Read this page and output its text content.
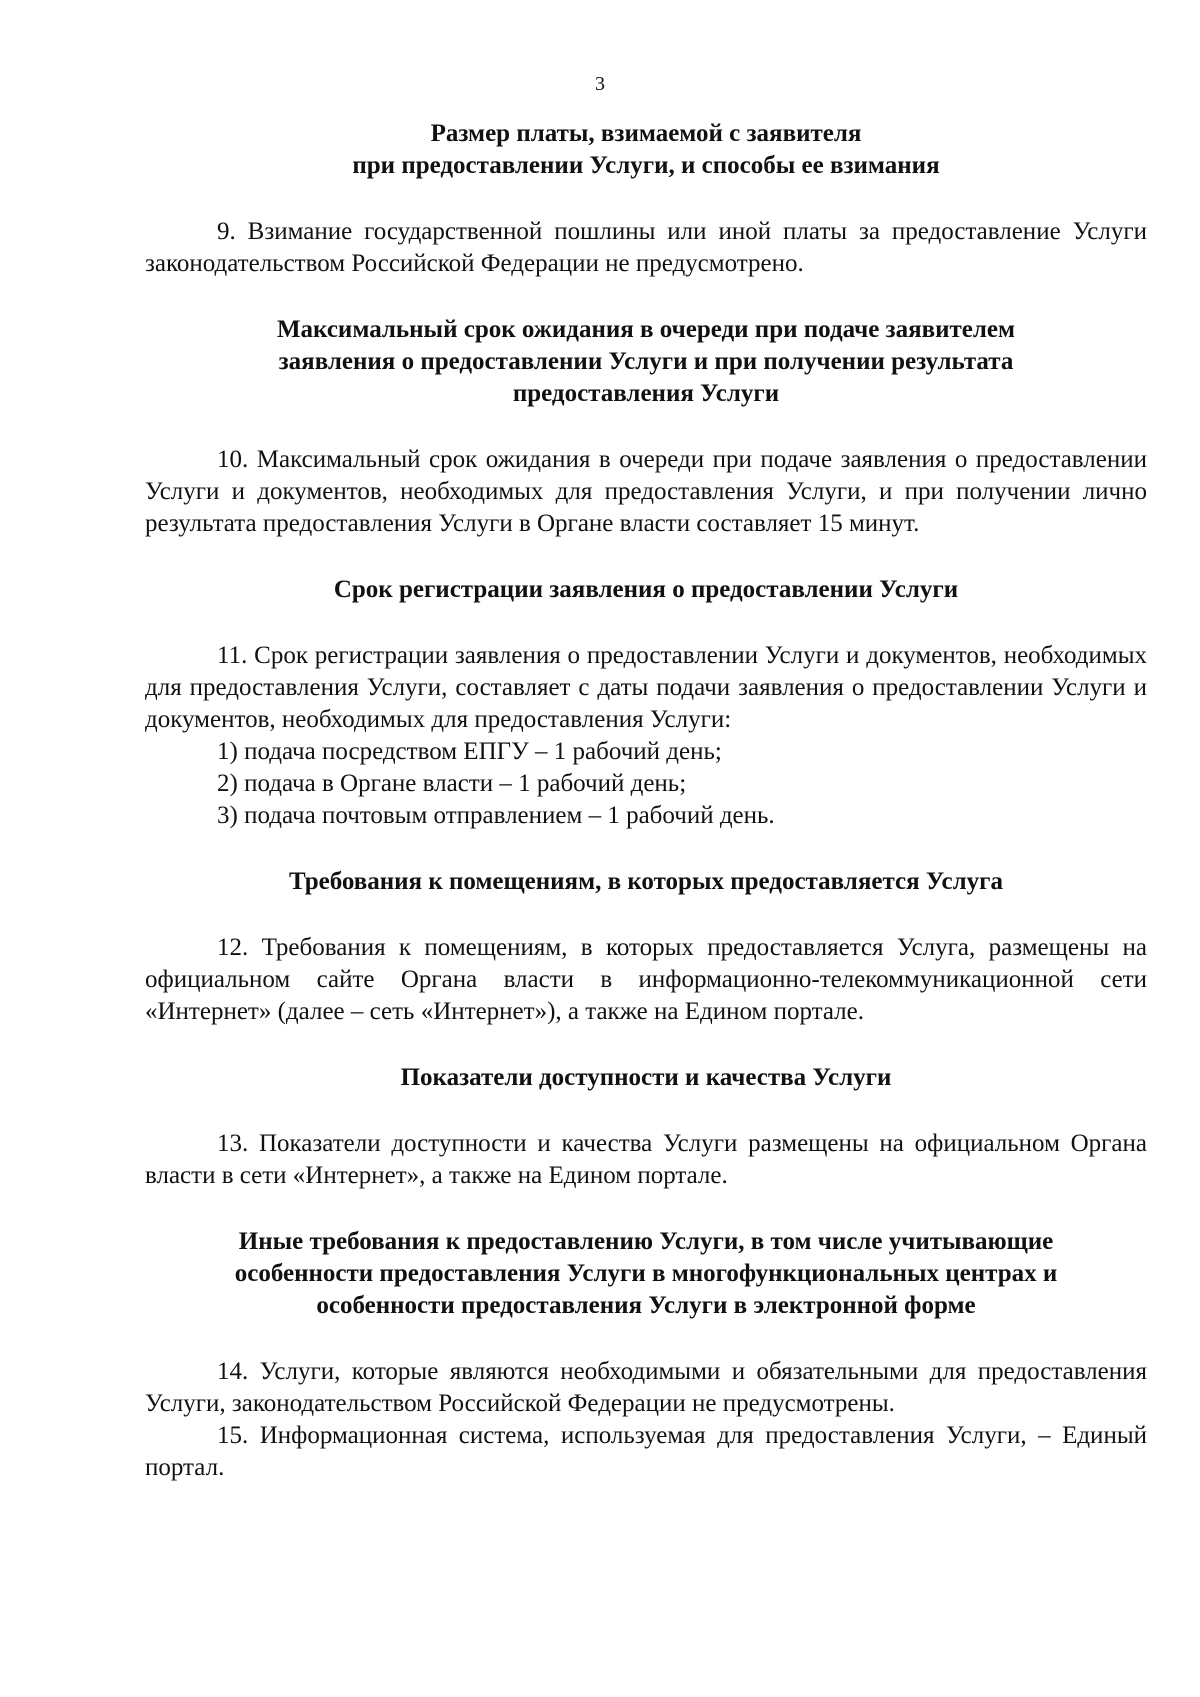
3
Размер платы, взимаемой с заявителя
при предоставлении Услуги, и способы ее взимания

9. Взимание государственной пошлины или иной платы за предоставление Услуги законодательством Российской Федерации не предусмотрено.

Максимальный срок ожидания в очереди при подаче заявителем
заявления о предоставлении Услуги и при получении результата
предоставления Услуги

10. Максимальный срок ожидания в очереди при подаче заявления о предоставлении Услуги и документов, необходимых для предоставления Услуги, и при получении лично результата предоставления Услуги в Органе власти составляет 15 минут.

Срок регистрации заявления о предоставлении Услуги

11. Срок регистрации заявления о предоставлении Услуги и документов, необходимых для предоставления Услуги, составляет с даты подачи заявления о предоставлении Услуги и документов, необходимых для предоставления Услуги:

1) подача посредством ЕПГУ – 1 рабочий день;

2) подача в Органе власти – 1 рабочий день;

3) подача почтовым отправлением – 1 рабочий день.

Требования к помещениям, в которых предоставляется Услуга

12. Требования к помещениям, в которых предоставляется Услуга, размещены на официальном сайте Органа власти в информационно-телекоммуникационной сети «Интернет» (далее – сеть «Интернет»), а также на Едином портале.

Показатели доступности и качества Услуги

13. Показатели доступности и качества Услуги размещены на официальном Органа власти в сети «Интернет», а также на Едином портале.

Иные требования к предоставлению Услуги, в том числе учитывающие
особенности предоставления Услуги в многофункциональных центрах и
особенности предоставления Услуги в электронной форме

14. Услуги, которые являются необходимыми и обязательными для предоставления Услуги, законодательством Российской Федерации не предусмотрены.

15. Информационная система, используемая для предоставления Услуги, – Единый портал.
